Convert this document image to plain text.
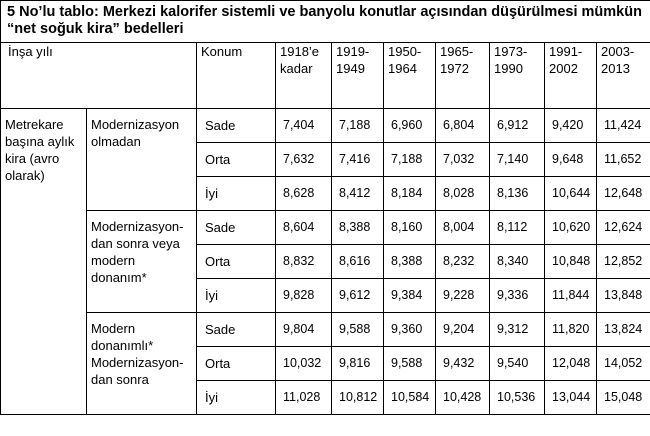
5 No’lu tablo: Merkezi kalorifer sistemli ve banyolu konutlar açısından düşürülmesi mümkün “net soğuk kira” bedelleri									
İnşa yılı		Konum	1918’e kadar	1919-1949	1950-1964	1965-1972	1973-1990	1991-2002	2003-2013

Metrekare başına aylık kira (avro olarak)	Modernizasyon olmadan	Sade	7,404	7,188	6,960	6,804	6,912	9,420	11,424
		Orta	7,632	7,416	7,188	7,032	7,140	9,648	11,652
		İyi	8,628	8,412	8,184	8,028	8,136	10,644	12,648

	Modernizasyon-dan sonra veya modern donanım*	Sade	8,604	8,388	8,160	8,004	8,112	10,620	12,624
		Orta	8,832	8,616	8,388	8,232	8,340	10,848	12,852
		İyi	9,828	9,612	9,384	9,228	9,336	11,844	13,848

	Modern donanımlı* Modernizasyon-dan sonra	Sade	9,804	9,588	9,360	9,204	9,312	11,820	13,824
		Orta	10,032	9,816	9,588	9,432	9,540	12,048	14,052
		İyi	11,028	10,812	10,584	10,428	10,536	13,044	15,048
